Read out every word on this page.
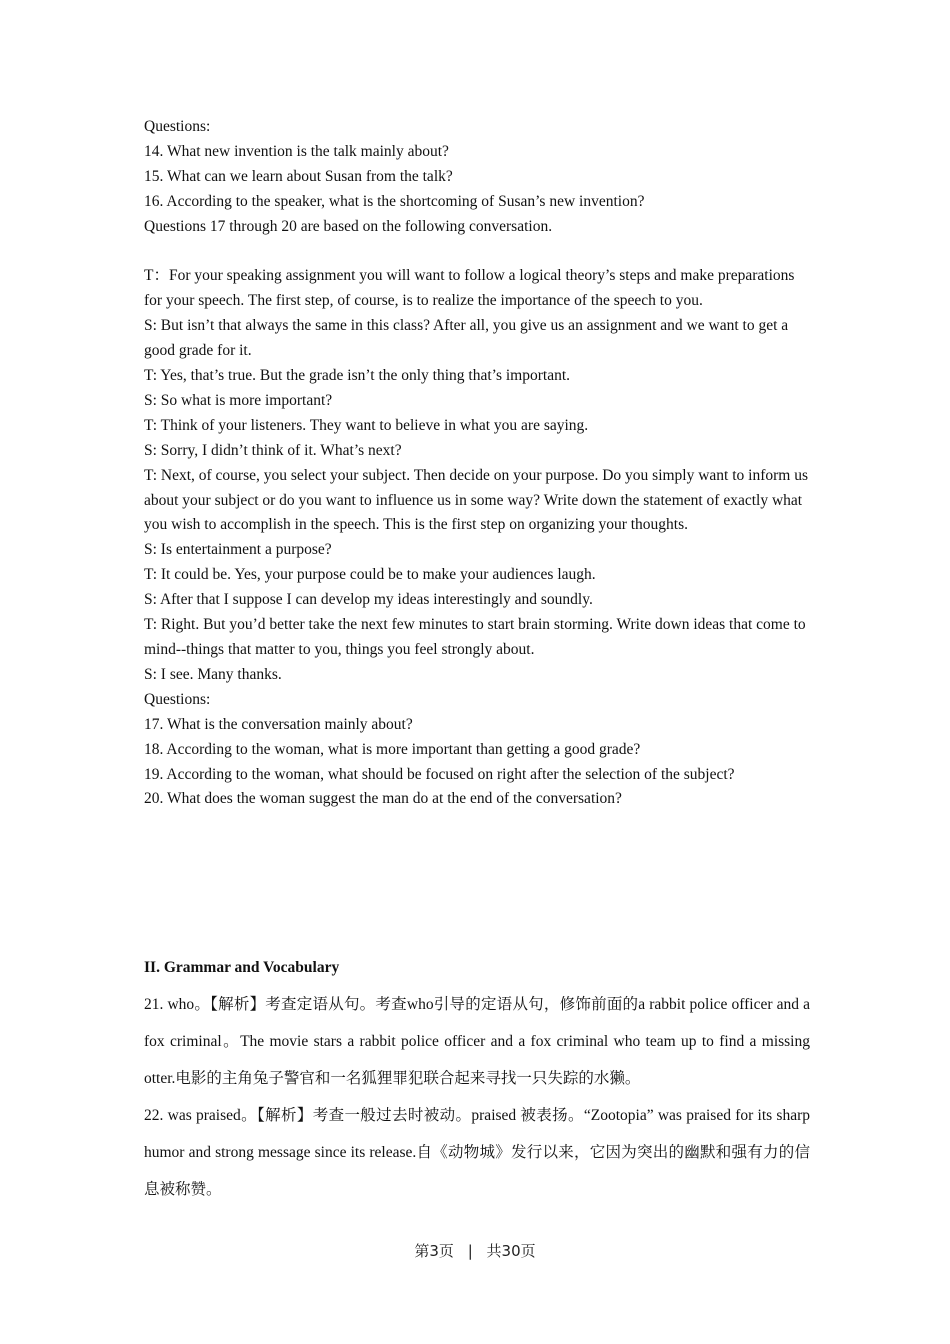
Questions:

14. What new invention is the talk mainly about?

15. What can we learn about Susan from the talk?

16. According to the speaker, what is the shortcoming of Susan’s new invention?

Questions 17 through 20 are based on the following conversation.

T：For your speaking assignment you will want to follow a logical theory’s steps and make preparations for your speech. The first step, of course, is to realize the importance of the speech to you.

S: But isn’t that always the same in this class? After all, you give us an assignment and we want to get a good grade for it.

T: Yes, that’s true. But the grade isn’t the only thing that’s important.

S: So what is more important?

T: Think of your listeners. They want to believe in what you are saying.

S: Sorry, I didn’t think of it. What’s next?

T: Next, of course, you select your subject. Then decide on your purpose. Do you simply want to inform us about your subject or do you want to influence us in some way? Write down the statement of exactly what you wish to accomplish in the speech. This is the first step on organizing your thoughts.

S: Is entertainment a purpose?

T: It could be. Yes, your purpose could be to make your audiences laugh.

S: After that I suppose I can develop my ideas interestingly and soundly.

T: Right. But you’d better take the next few minutes to start brain storming. Write down ideas that come to mind--things that matter to you, things you feel strongly about.

S: I see. Many thanks.

Questions:

17. What is the conversation mainly about?

18. According to the woman, what is more important than getting a good grade?

19. According to the woman, what should be focused on right after the selection of the subject?

20. What does the woman suggest the man do at the end of the conversation?

II. Grammar and Vocabulary

21. who。【解析】考查定语从句。考查who引导的定语从句，修饰前面的a rabbit police officer and a fox criminal。The movie stars a rabbit police officer and a fox criminal who team up to find a missing otter.电影的主角兔子警官和一名狐狸罪犯联合起来寻找一只失踪的水獭。

22. was praised。【解析】考查一般过去时被动。praised 被表扬。“Zootopia” was praised for its sharp humor and strong message since its release.自《动物城》发行以来，它因为突出的幽默和强有力的信息被称赞。

第3页 | 共30页
